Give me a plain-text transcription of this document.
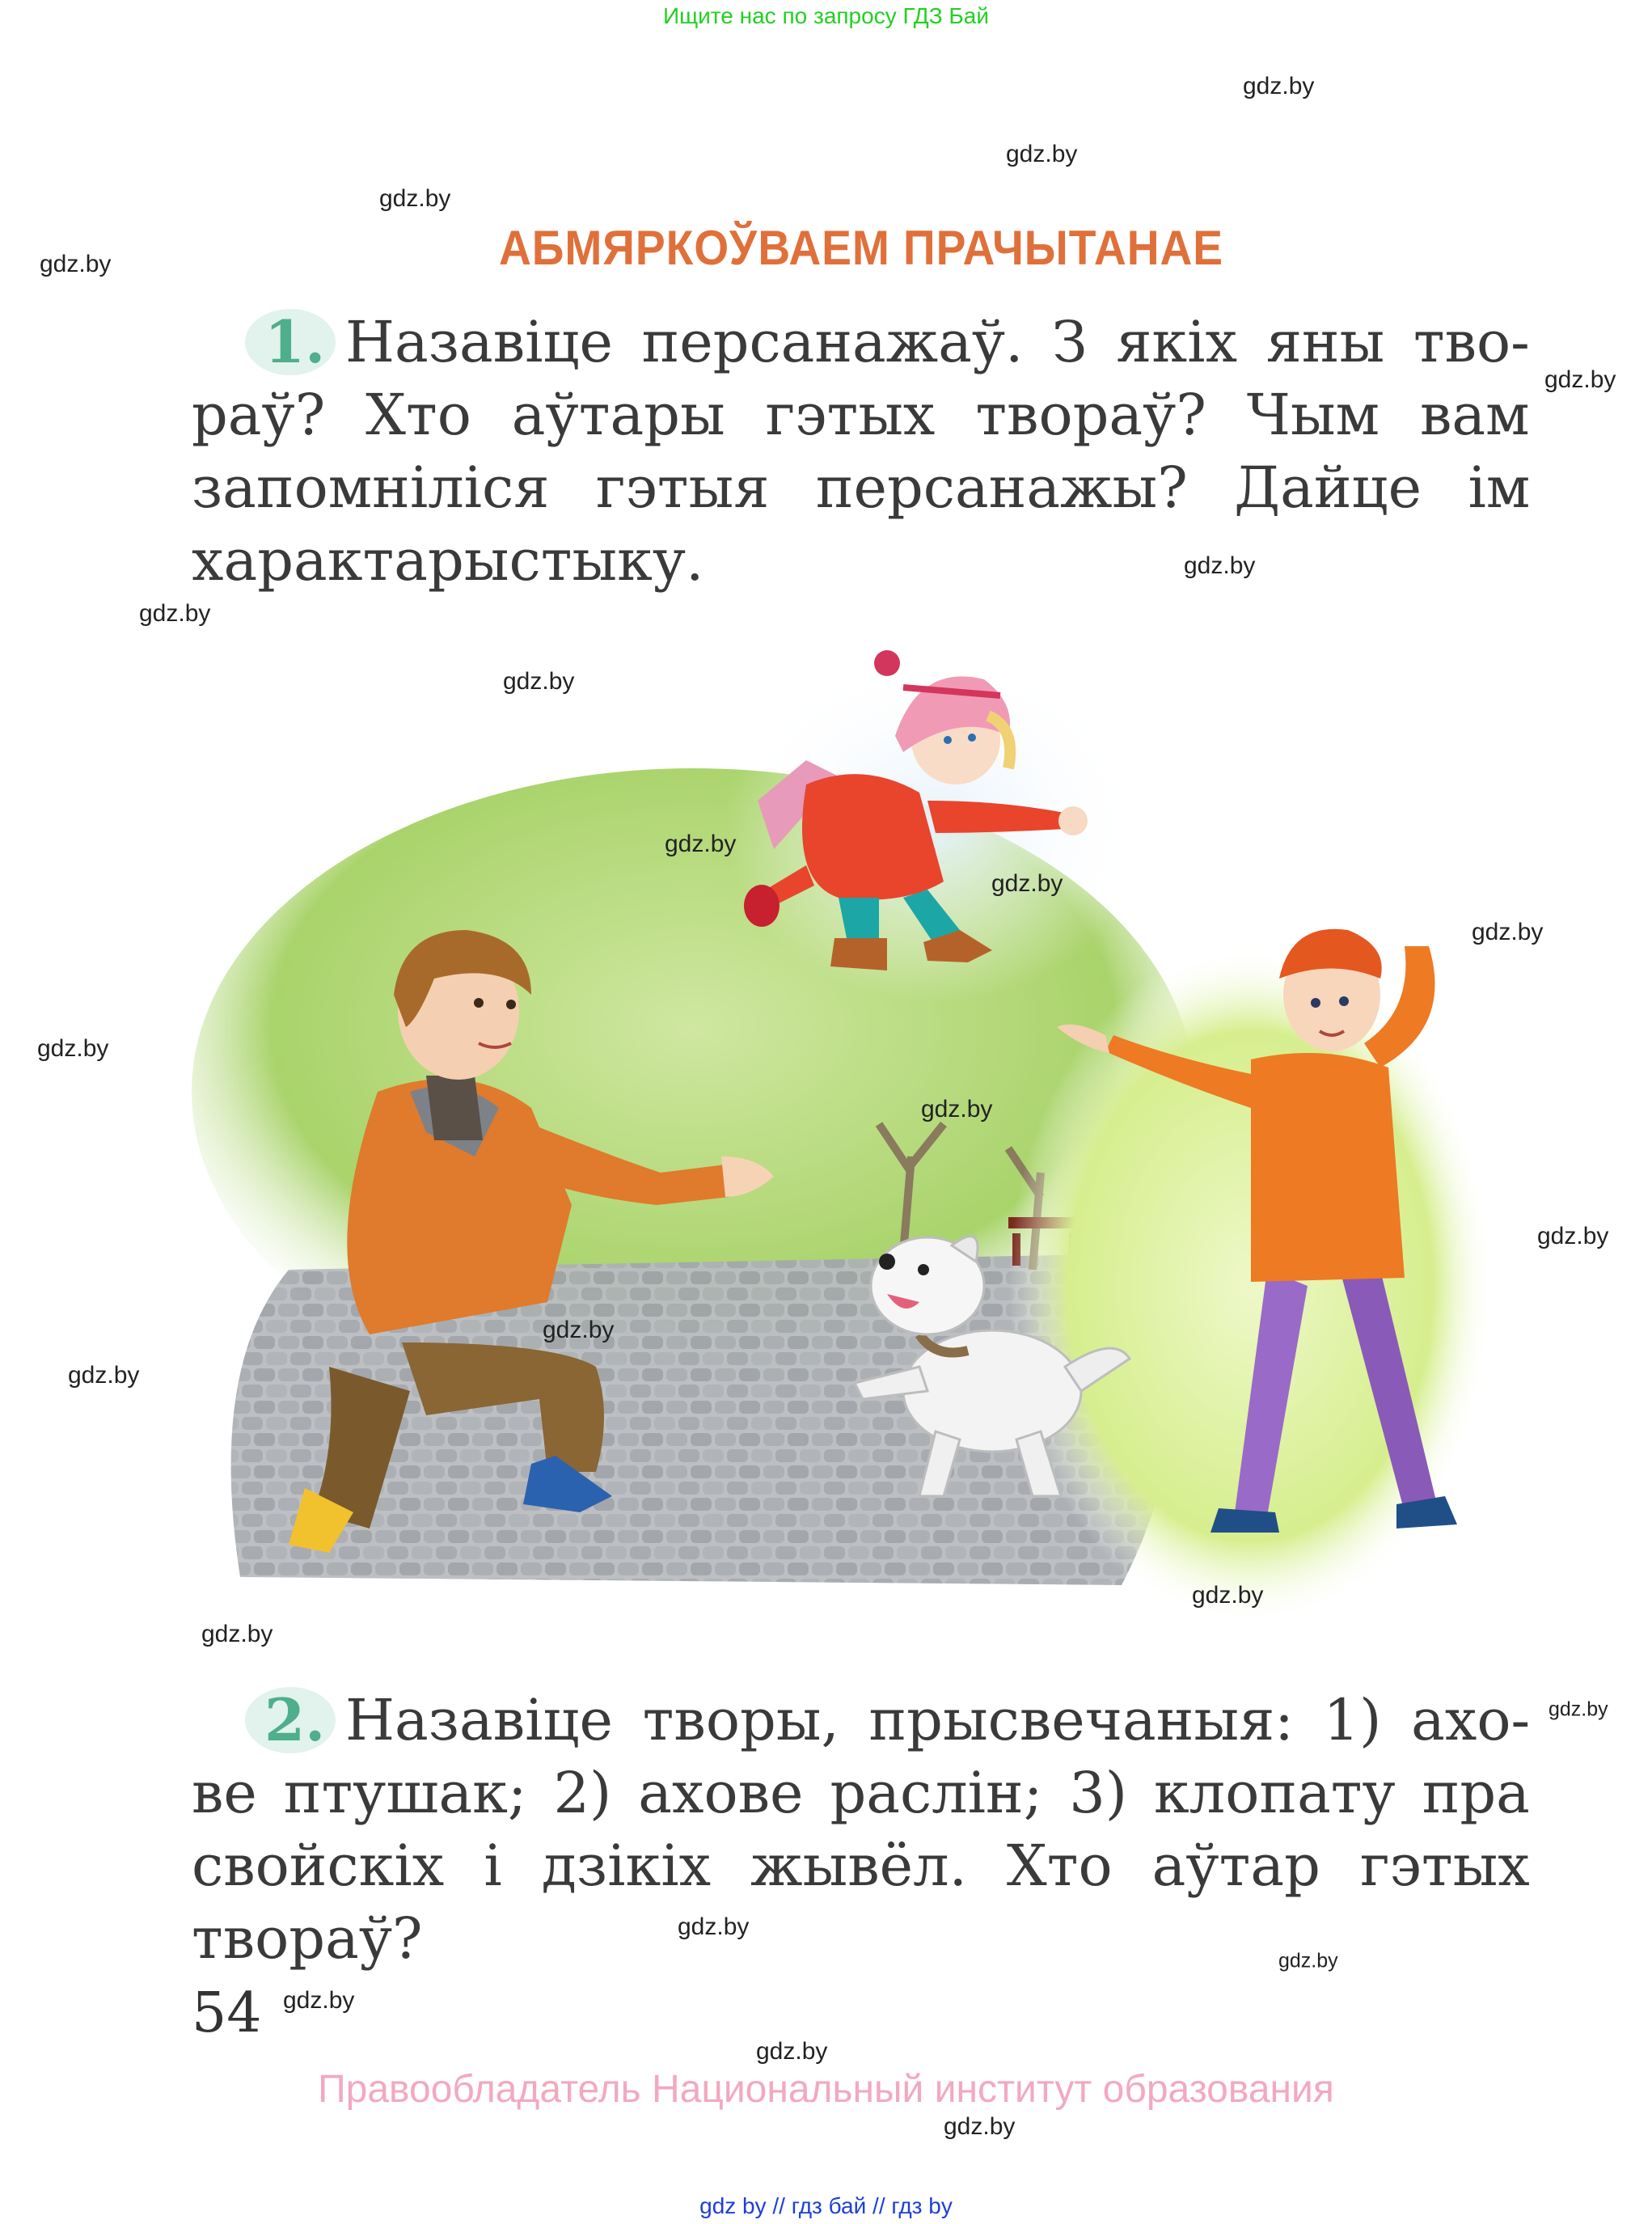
Ищите нас по запросу ГДЗ Бай
АБМЯРКОЎВАЕМ ПРАЧЫТАНАЕ
1. Назавіце персанажаў. З якіх яны тво-
раў? Хто аўтары гэтых твораў? Чым вам
запомніліся гэтыя персанажы? Дайце ім
характарыстыку.
2. Назавіце творы, прысвечаныя: 1) ахо-
ве птушак; 2) ахове раслін; 3) клопату пра
свойскіх і дзікіх жывёл. Хто аўтар гэтых
твораў?
54
Правообладатель Национальный институт образования
gdz by // гдз бай // гдз by
gdz.by
gdz.by
gdz.by
gdz.by
gdz.by
gdz.by
gdz.by
gdz.by
gdz.by
gdz.by
gdz.by
gdz.by
gdz.by
gdz.by
gdz.by
gdz.by
gdz.by
gdz.by
gdz.by
gdz.by
gdz.by
gdz.by
gdz.by
gdz.by
